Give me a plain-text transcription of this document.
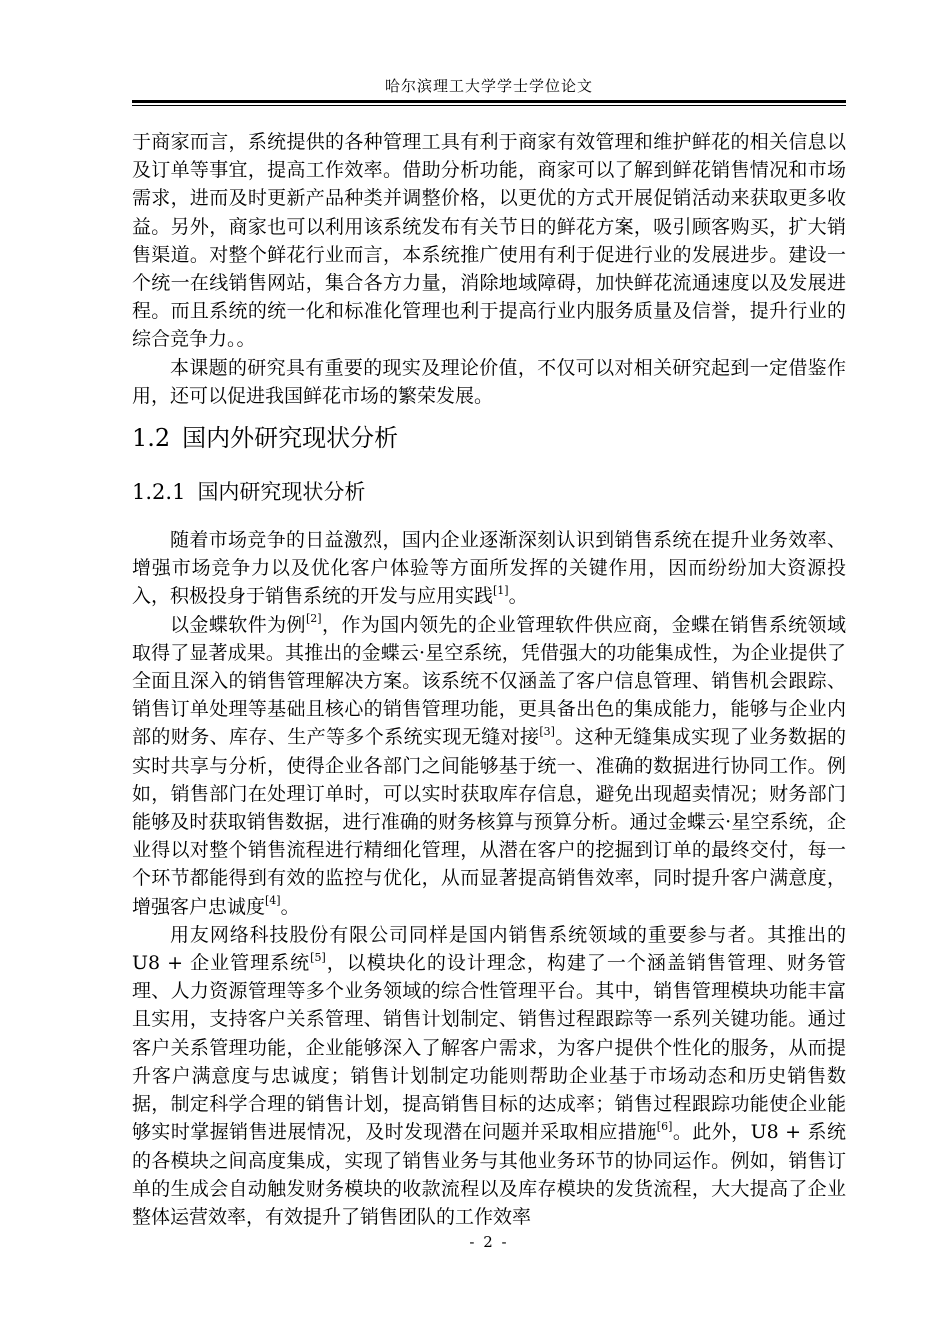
哈尔滨理工大学学士学位论文

于商家而言，系统提供的各种管理工具有利于商家有效管理和维护鲜花的相关信息以及订单等事宜，提高工作效率。借助分析功能，商家可以了解到鲜花销售情况和市场需求，进而及时更新产品种类并调整价格，以更优的方式开展促销活动来获取更多收益。另外，商家也可以利用该系统发布有关节日的鲜花方案，吸引顾客购买，扩大销售渠道。对整个鲜花行业而言，本系统推广使用有利于促进行业的发展进步。建设一个统一在线销售网站，集合各方力量，消除地域障碍，加快鲜花流通速度以及发展进程。而且系统的统一化和标准化管理也利于提高行业内服务质量及信誉，提升行业的综合竞争力。。

本课题的研究具有重要的现实及理论价值，不仅可以对相关研究起到一定借鉴作用，还可以促进我国鲜花市场的繁荣发展。

1.2 国内外研究现状分析
1.2.1 国内研究现状分析

随着市场竞争的日益激烈，国内企业逐渐深刻认识到销售系统在提升业务效率、增强市场竞争力以及优化客户体验等方面所发挥的关键作用，因而纷纷加大资源投入，积极投身于销售系统的开发与应用实践[1]。

以金蝶软件为例[2]，作为国内领先的企业管理软件供应商，金蝶在销售系统领域取得了显著成果。其推出的金蝶云·星空系统，凭借强大的功能集成性，为企业提供了全面且深入的销售管理解决方案。该系统不仅涵盖了客户信息管理、销售机会跟踪、销售订单处理等基础且核心的销售管理功能，更具备出色的集成能力，能够与企业内部的财务、库存、生产等多个系统实现无缝对接[3]。这种无缝集成实现了业务数据的实时共享与分析，使得企业各部门之间能够基于统一、准确的数据进行协同工作。例如，销售部门在处理订单时，可以实时获取库存信息，避免出现超卖情况；财务部门能够及时获取销售数据，进行准确的财务核算与预算分析。通过金蝶云·星空系统，企业得以对整个销售流程进行精细化管理，从潜在客户的挖掘到订单的最终交付，每一个环节都能得到有效的监控与优化，从而显著提高销售效率，同时提升客户满意度，增强客户忠诚度[4]。

用友网络科技股份有限公司同样是国内销售系统领域的重要参与者。其推出的 U8 + 企业管理系统[5]，以模块化的设计理念，构建了一个涵盖销售管理、财务管理、人力资源管理等多个业务领域的综合性管理平台。其中，销售管理模块功能丰富且实用，支持客户关系管理、销售计划制定、销售过程跟踪等一系列关键功能。通过客户关系管理功能，企业能够深入了解客户需求，为客户提供个性化的服务，从而提升客户满意度与忠诚度；销售计划制定功能则帮助企业基于市场动态和历史销售数据，制定科学合理的销售计划，提高销售目标的达成率；销售过程跟踪功能使企业能够实时掌握销售进展情况，及时发现潜在问题并采取相应措施[6]。此外，U8 + 系统的各模块之间高度集成，实现了销售业务与其他业务环节的协同运作。例如，销售订单的生成会自动触发财务模块的收款流程以及库存模块的发货流程，大大提高了企业整体运营效率，有效提升了销售团队的工作效率

- 2 -
